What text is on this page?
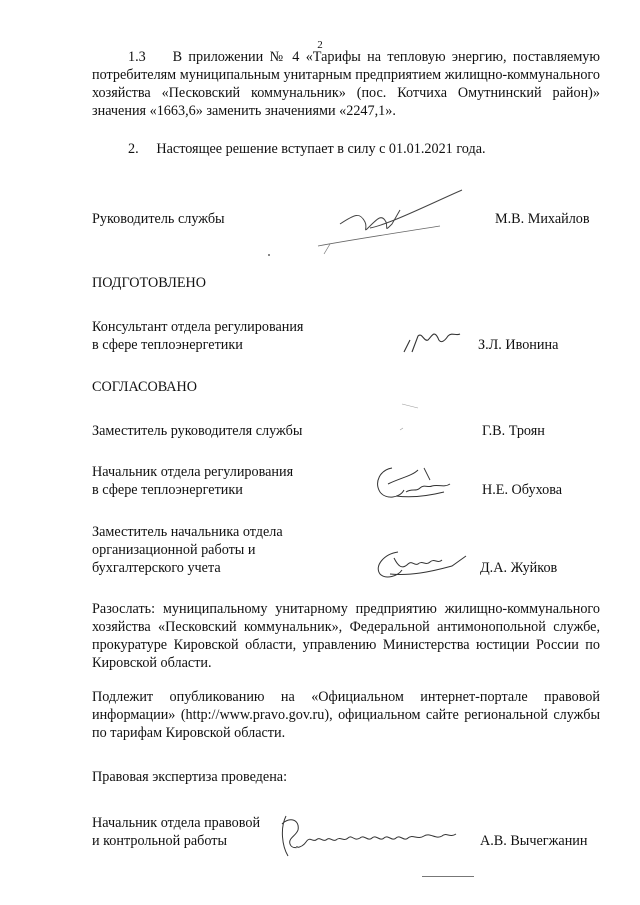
2
1.3   В приложении № 4 «Тарифы на тепловую энергию, поставляемую потребителям муниципальным унитарным предприятием жилищно-коммунального хозяйства «Песковский коммунальник» (пос. Котчиха Омутнинский район)» значения «1663,6» заменить значениями «2247,1».
2.  Настоящее решение вступает в силу с 01.01.2021 года.
Руководитель службы	М.В. Михайлов
ПОДГОТОВЛЕНО
Консультант отдела регулирования
в сфере теплоэнергетики	З.Л. Ивонина
СОГЛАСОВАНО
Заместитель руководителя службы	Г.В. Троян
Начальник отдела регулирования
в сфере теплоэнергетики	Н.Е. Обухова
Заместитель начальника отдела
организационной работы и
бухгалтерского учета	Д.А. Жуйков
Разослать: муниципальному унитарному предприятию жилищно-коммунального хозяйства «Песковский коммунальник», Федеральной антимонопольной службе, прокуратуре Кировской области, управлению Министерства юстиции России по Кировской области.
Подлежит опубликованию на «Официальном интернет-портале правовой информации» (http://www.pravo.gov.ru), официальном сайте региональной службы по тарифам Кировской области.
Правовая экспертиза проведена:
Начальник отдела правовой
и контрольной работы	А.В. Вычегжанин
